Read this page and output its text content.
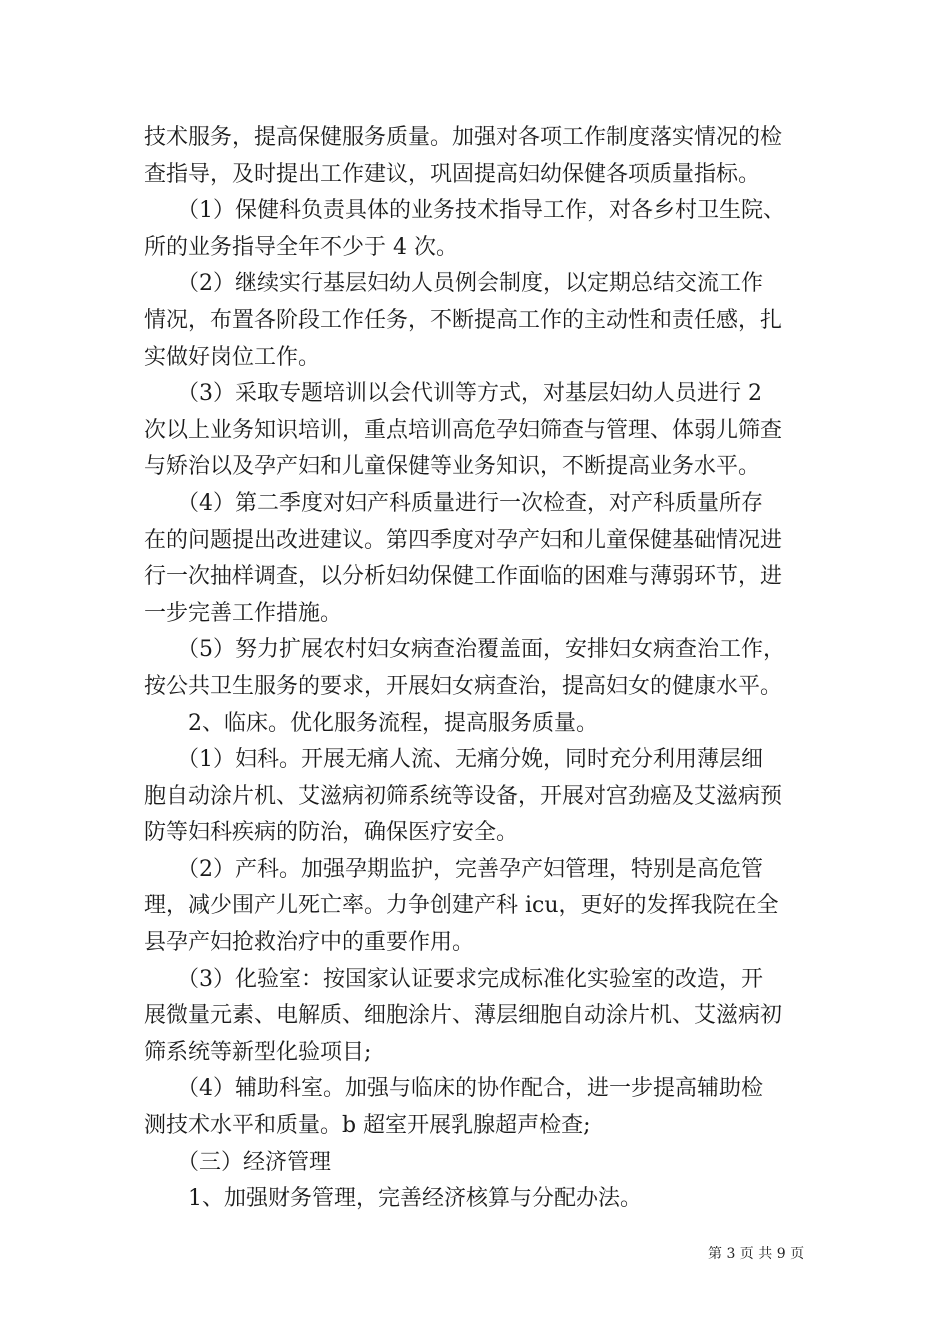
技术服务，提高保健服务质量。加强对各项工作制度落实情况的检

查指导，及时提出工作建议，巩固提高妇幼保健各项质量指标。

　　（1）保健科负责具体的业务技术指导工作，对各乡村卫生院、

所的业务指导全年不少于 4 次。

　　（2）继续实行基层妇幼人员例会制度，以定期总结交流工作

情况，布置各阶段工作任务，不断提高工作的主动性和责任感，扎

实做好岗位工作。

　　（3）采取专题培训以会代训等方式，对基层妇幼人员进行 2

次以上业务知识培训，重点培训高危孕妇筛查与管理、体弱儿筛查

与矫治以及孕产妇和儿童保健等业务知识，不断提高业务水平。

　　（4）第二季度对妇产科质量进行一次检查，对产科质量所存

在的问题提出改进建议。第四季度对孕产妇和儿童保健基础情况进

行一次抽样调查，以分析妇幼保健工作面临的困难与薄弱环节，进

一步完善工作措施。

　　（5）努力扩展农村妇女病查治覆盖面，安排妇女病查治工作，

按公共卫生服务的要求，开展妇女病查治，提高妇女的健康水平。

　　2、临床。优化服务流程，提高服务质量。

　　（1）妇科。开展无痛人流、无痛分娩，同时充分利用薄层细

胞自动涂片机、艾滋病初筛系统等设备，开展对宫劲癌及艾滋病预

防等妇科疾病的防治，确保医疗安全。

　　（2）产科。加强孕期监护，完善孕产妇管理，特别是高危管

理，减少围产儿死亡率。力争创建产科 icu，更好的发挥我院在全

县孕产妇抢救治疗中的重要作用。

　　（3）化验室：按国家认证要求完成标准化实验室的改造，开

展微量元素、电解质、细胞涂片、薄层细胞自动涂片机、艾滋病初

筛系统等新型化验项目;

　　（4）辅助科室。加强与临床的协作配合，进一步提高辅助检

测技术水平和质量。b 超室开展乳腺超声检查;

　　（三）经济管理

　　1、加强财务管理，完善经济核算与分配办法。

第 3 页 共 9 页
